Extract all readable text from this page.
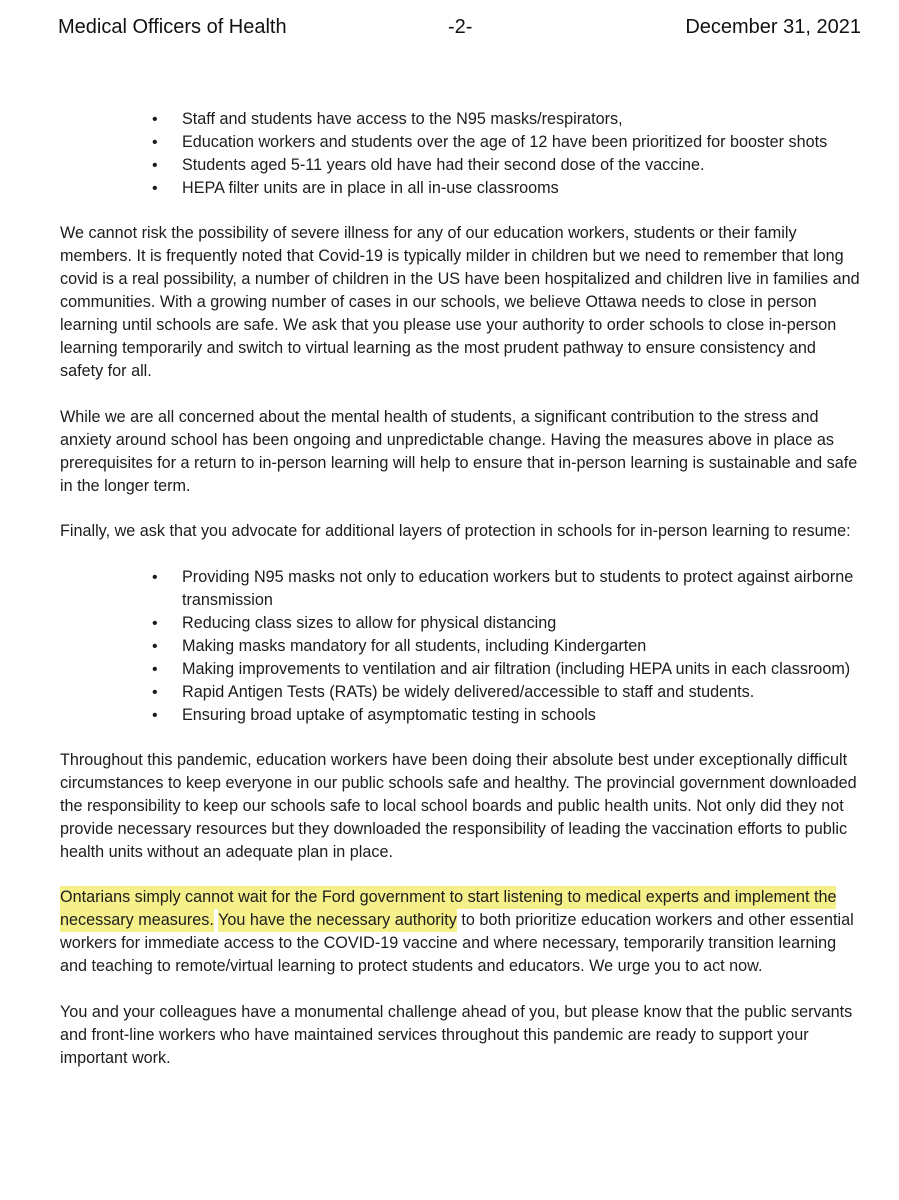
Medical Officers of Health	-2-	December 31, 2021
• Staff and students have access to the N95 masks/respirators,
• Education workers and students over the age of 12 have been prioritized for booster shots
• Students aged 5-11 years old have had their second dose of the vaccine.
• HEPA filter units are in place in all in-use classrooms

We cannot risk the possibility of severe illness for any of our education workers, students or their family members. It is frequently noted that Covid-19 is typically milder in children but we need to remember that long covid is a real possibility, a number of children in the US have been hospitalized and children live in families and communities. With a growing number of cases in our schools, we believe Ottawa needs to close in person learning until schools are safe. We ask that you please use your authority to order schools to close in-person learning temporarily and switch to virtual learning as the most prudent pathway to ensure consistency and safety for all.

While we are all concerned about the mental health of students, a significant contribution to the stress and anxiety around school has been ongoing and unpredictable change. Having the measures above in place as prerequisites for a return to in-person learning will help to ensure that in-person learning is sustainable and safe in the longer term.

Finally, we ask that you advocate for additional layers of protection in schools for in-person learning to resume:

• Providing N95 masks not only to education workers but to students to protect against airborne transmission
• Reducing class sizes to allow for physical distancing
• Making masks mandatory for all students, including Kindergarten
• Making improvements to ventilation and air filtration (including HEPA units in each classroom)
• Rapid Antigen Tests (RATs) be widely delivered/accessible to staff and students.
• Ensuring broad uptake of asymptomatic testing in schools

Throughout this pandemic, education workers have been doing their absolute best under exceptionally difficult circumstances to keep everyone in our public schools safe and healthy. The provincial government downloaded the responsibility to keep our schools safe to local school boards and public health units. Not only did they not provide necessary resources but they downloaded the responsibility of leading the vaccination efforts to public health units without an adequate plan in place.

Ontarians simply cannot wait for the Ford government to start listening to medical experts and implement the necessary measures. You have the necessary authority to both prioritize education workers and other essential workers for immediate access to the COVID-19 vaccine and where necessary, temporarily transition learning and teaching to remote/virtual learning to protect students and educators. We urge you to act now.

You and your colleagues have a monumental challenge ahead of you, but please know that the public servants and front-line workers who have maintained services throughout this pandemic are ready to support your important work.
